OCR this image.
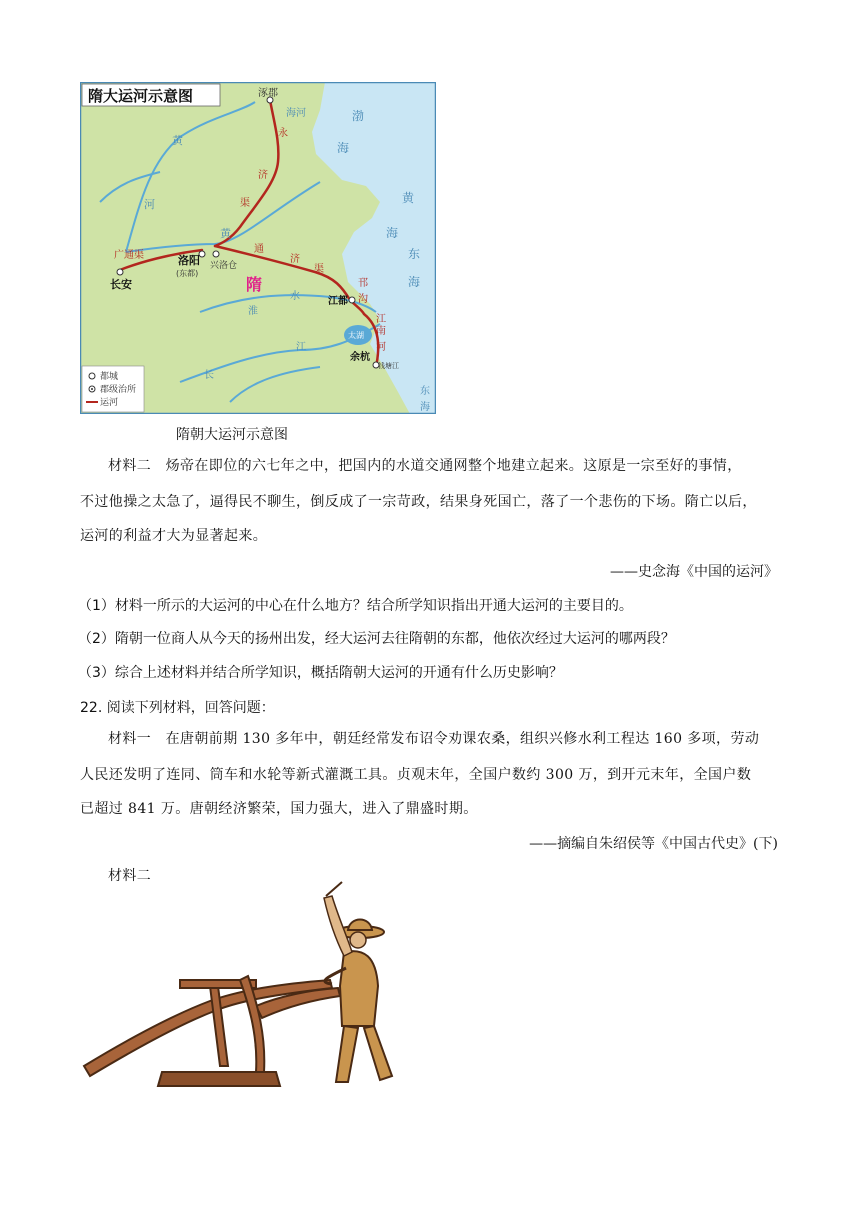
隋大运河示意图	涿郡
海河	渤
海
黄
河
永
济
渠
黄
通
济
渠
广通渠	洛阳
(东都)
兴洛仓
长安	隋
淮
水
邗
沟
江都
江
南
河
太湖
余杭
钱塘江
长
江
黄
海
东
海
东
海
都城
郡级治所
运河
隋朝大运河示意图
材料二　炀帝在即位的六七年之中，把国内的水道交通网整个地建立起来。这原是一宗至好的事情，
不过他操之太急了，逼得民不聊生，倒反成了一宗苛政，结果身死国亡，落了一个悲伤的下场。隋亡以后，
运河的利益才大为显著起来。
——史念海《中国的运河》
（1）材料一所示的大运河的中心在什么地方？结合所学知识指出开通大运河的主要目的。
（2）隋朝一位商人从今天的扬州出发，经大运河去往隋朝的东都，他依次经过大运河的哪两段？
（3）综合上述材料并结合所学知识，概括隋朝大运河的开通有什么历史影响？
22. 阅读下列材料，回答问题：
材料一　在唐朝前期 130 多年中，朝廷经常发布诏令劝课农桑，组织兴修水利工程达 160 多项，劳动
人民还发明了连同、筒车和水轮等新式灌溉工具。贞观末年，全国户数约 300 万，到开元末年，全国户数
已超过 841 万。唐朝经济繁荣，国力强大，进入了鼎盛时期。
——摘编自朱绍侯等《中国古代史》(下)
材料二
